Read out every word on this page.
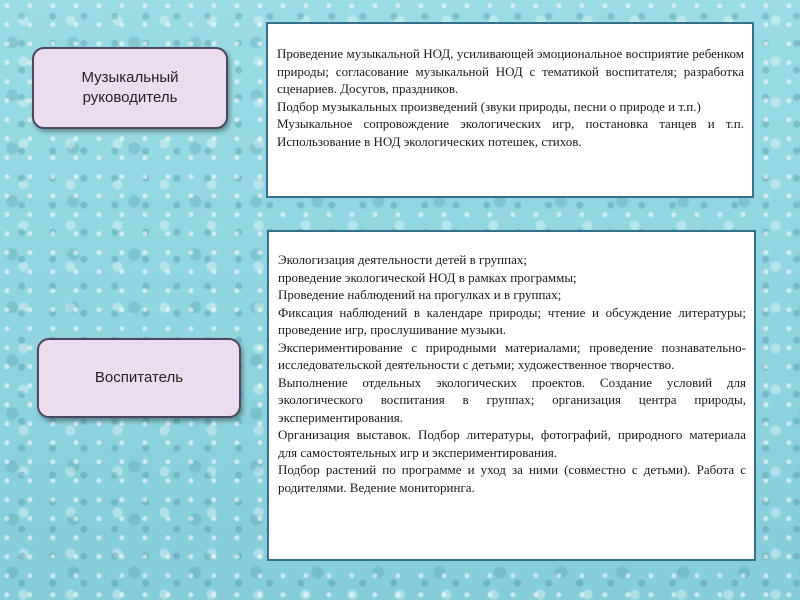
Музыкальный
руководитель

Проведение музыкальной НОД, усиливающей эмоциональное восприятие ребенком природы; согласование музыкальной НОД с тематикой воспитателя; разработка сценариев. Досугов, праздников.

Подбор музыкальных произведений (звуки природы, песни о природе и т.п.)

Музыкальное сопровождение экологических игр, постановка танцев и т.п. Использование в НОД экологических потешек, стихов.

Воспитатель

Экологизация деятельности детей в группах;

проведение экологической НОД в рамках программы;

Проведение наблюдений на прогулках и в группах;

Фиксация наблюдений в календаре природы; чтение и обсуждение литературы; проведение игр, прослушивание музыки.

Экспериментирование с природными материалами; проведение познавательно-исследовательской деятельности с детьми; художественное творчество.

Выполнение отдельных экологических проектов. Создание условий для экологического воспитания в группах; организация центра природы, экспериментирования.

Организация выставок. Подбор литературы, фотографий, природного материала для самостоятельных игр и экспериментирования.

Подбор растений по программе и уход за ними (совместно с детьми). Работа с родителями. Ведение мониторинга.
